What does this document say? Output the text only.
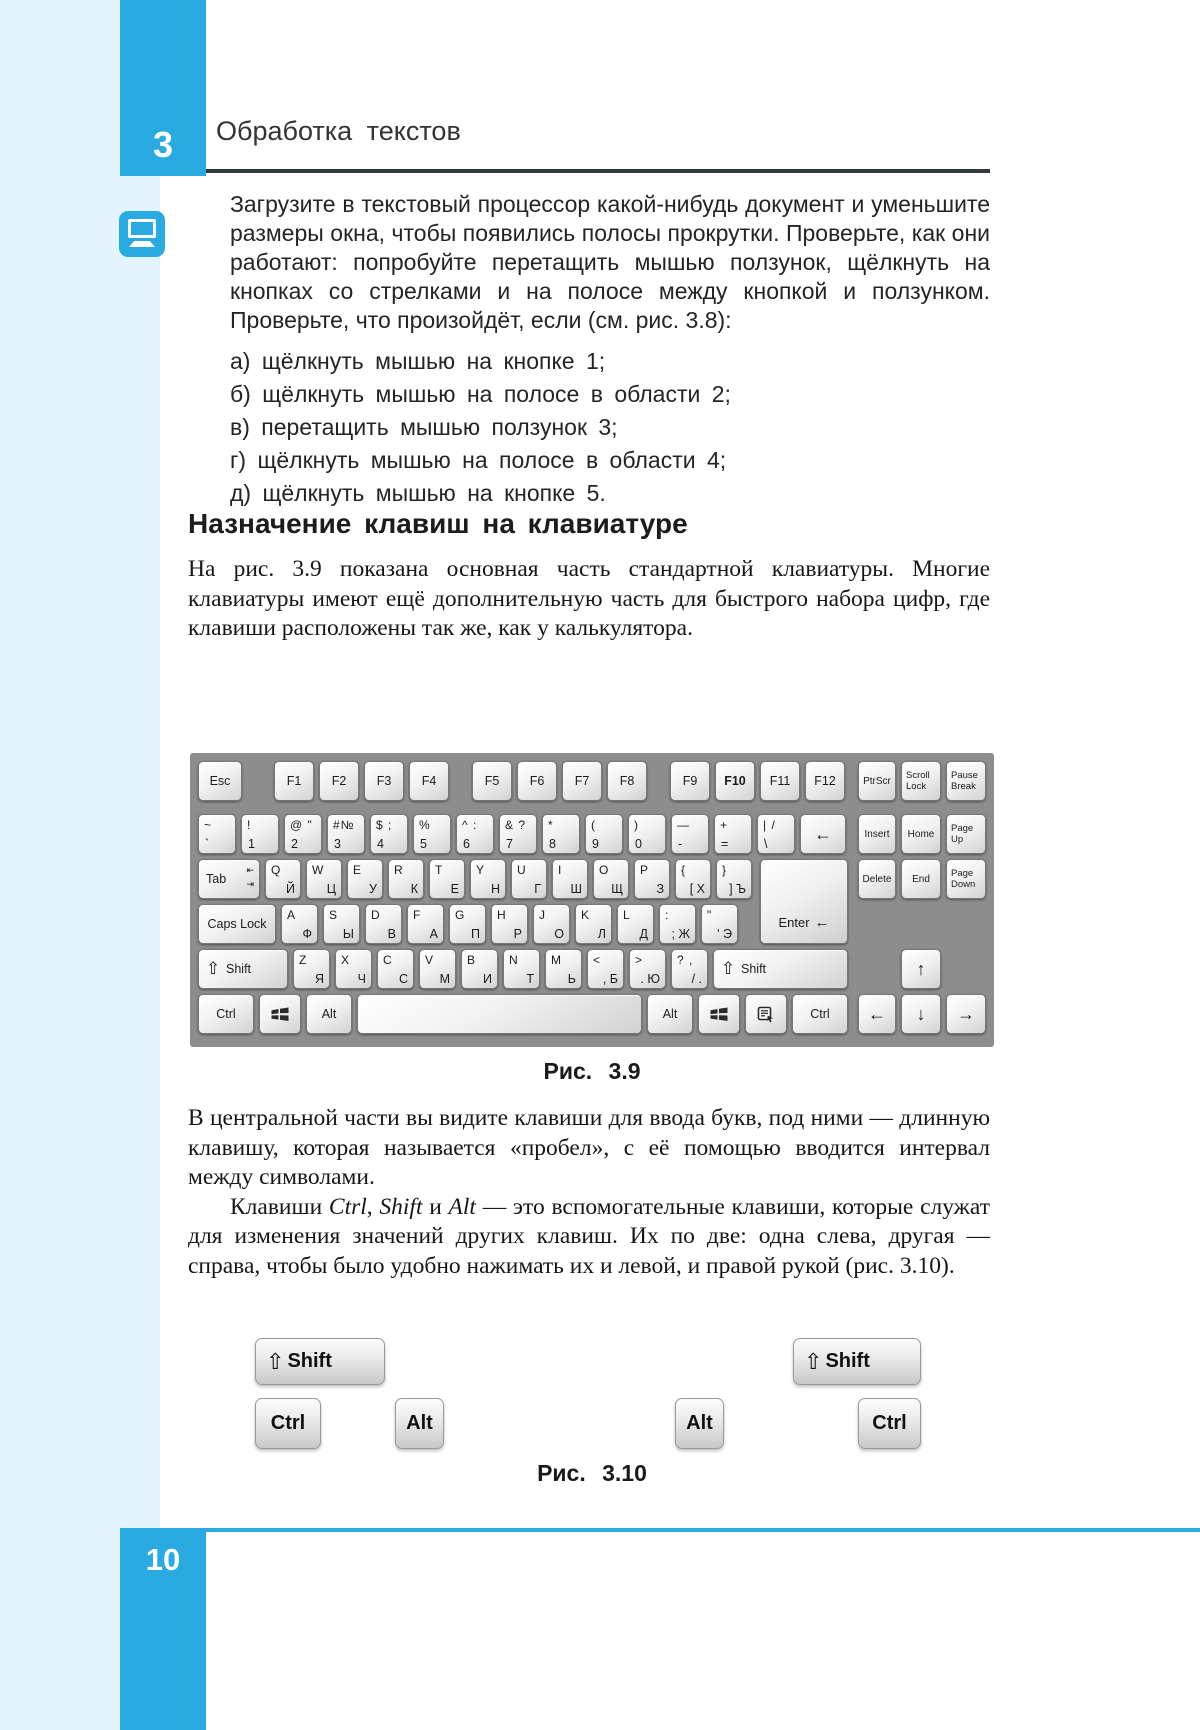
3 Обработка текстов

Загрузите в текстовый процессор какой-нибудь документ и уменьшите размеры окна, чтобы появились полосы прокрутки. Проверьте, как они работают: попробуйте перетащить мышью ползунок, щёлкнуть на кнопках со стрелками и на полосе между кнопкой и ползунком. Проверьте, что произойдёт, если (см. рис. 3.8):

а) щёлкнуть мышью на кнопке 1;
б) щёлкнуть мышью на полосе в области 2;
в) перетащить мышью ползунок 3;
г) щёлкнуть мышью на полосе в области 4;
д) щёлкнуть мышью на кнопке 5.
Назначение клавиш на клавиатуре

На рис. 3.9 показана основная часть стандартной клавиатуры. Многие клавиатуры имеют ещё дополнительную часть для быстрого набора цифр, где клавиши расположены так же, как у калькулятора.

Esc	F1	F2	F3	F4	F5	F6	F7	F8	F9	F10	F11	F12
~
`
!
1
@ "
2
#№
3
$ ;
4
%
5
^ :
6
& ?
7
*
8
(
9
)
0
—
-
+
=
| /
\
←
Tab
⇤
⇥
Q
Й
W
Ц
E
У
R
К
T
Е
Y
Н
U
Г
I
Ш
O
Щ
P
З
{
[ Х
}
] Ъ
Caps Lock
A
Ф
S
Ы
D
В
F
А
G
П
H
Р
J
О
K
Л
L
Д
:
; Ж
"
' Э
⇧ Shift
Z
Я
X
Ч
C
С
V
М
B
И
N
Т
M
Ь
<
, Б
>
. Ю
? ,
/ .
⇧ Shift
Ctrl	Alt	Alt	Ctrl
Enter ←
PtrScr
Scroll
Lock
Pause
Break
Insert	Home
Page
Up
Delete	End
Page
Down
↑
←	↓	→
Рис. 3.9

В центральной части вы видите клавиши для ввода букв, под ними — длинную клавишу, которая называется «пробел», с её помощью вводится интервал между символами.

Клавиши Ctrl, Shift и Alt — это вспомогательные клавиши, которые служат для изменения значений других клавиш. Их по две: одна слева, другая — справа, чтобы было удобно нажимать их и левой, и правой рукой (рис. 3.10).

⇧ Shift	⇧ Shift
Ctrl	Alt	Alt	Ctrl
Рис. 3.10
10
